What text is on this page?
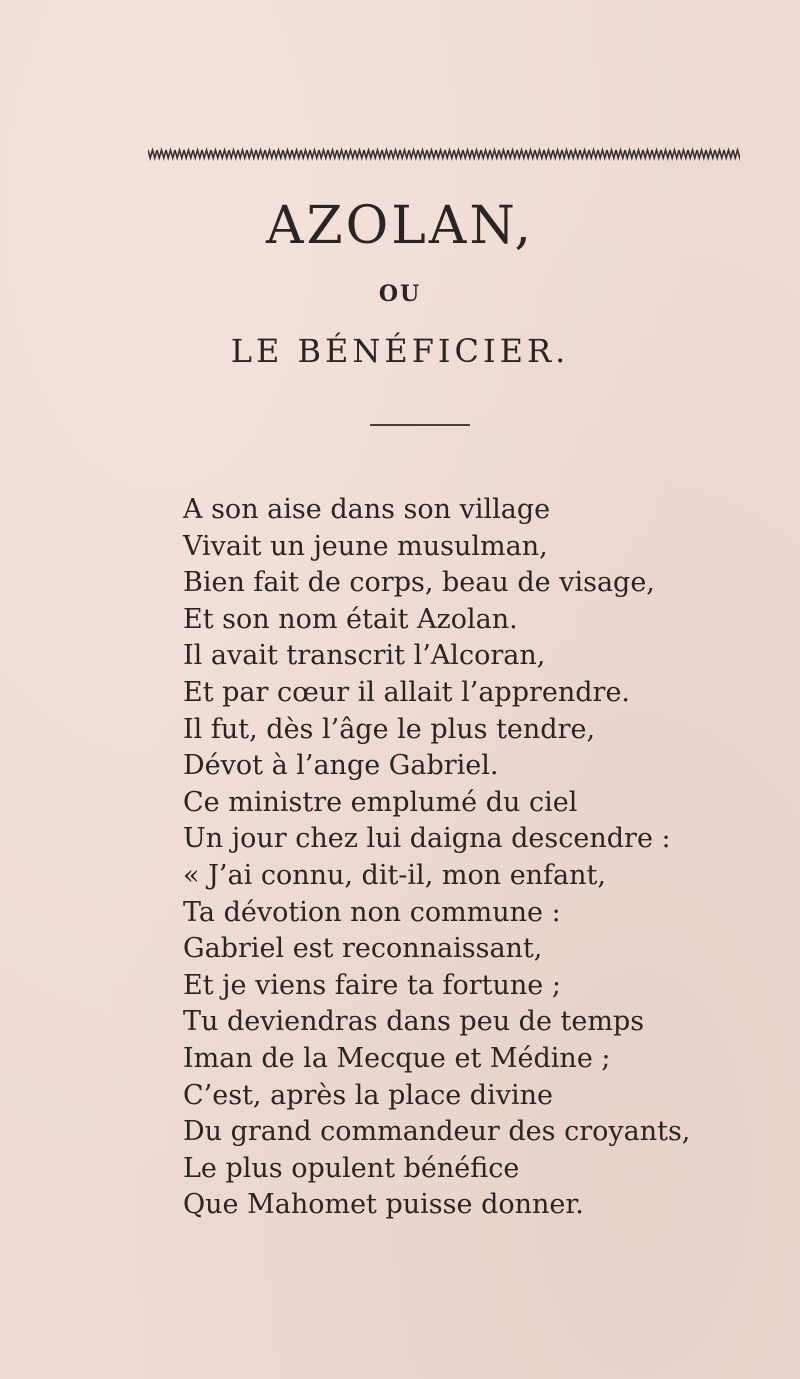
AZOLAN,
OU
LE BÉNÉFICIER.
A son aise dans son village
Vivait un jeune musulman,
Bien fait de corps, beau de visage,
Et son nom était Azolan.
Il avait transcrit l’Alcoran,
Et par cœur il allait l’apprendre.
Il fut, dès l’âge le plus tendre,
Dévot à l’ange Gabriel.
Ce ministre emplumé du ciel
Un jour chez lui daigna descendre :
« J’ai connu, dit-il, mon enfant,
Ta dévotion non commune :
Gabriel est reconnaissant,
Et je viens faire ta fortune ;
Tu deviendras dans peu de temps
Iman de la Mecque et Médine ;
C’est, après la place divine
Du grand commandeur des croyants,
Le plus opulent bénéfice
Que Mahomet puisse donner.
